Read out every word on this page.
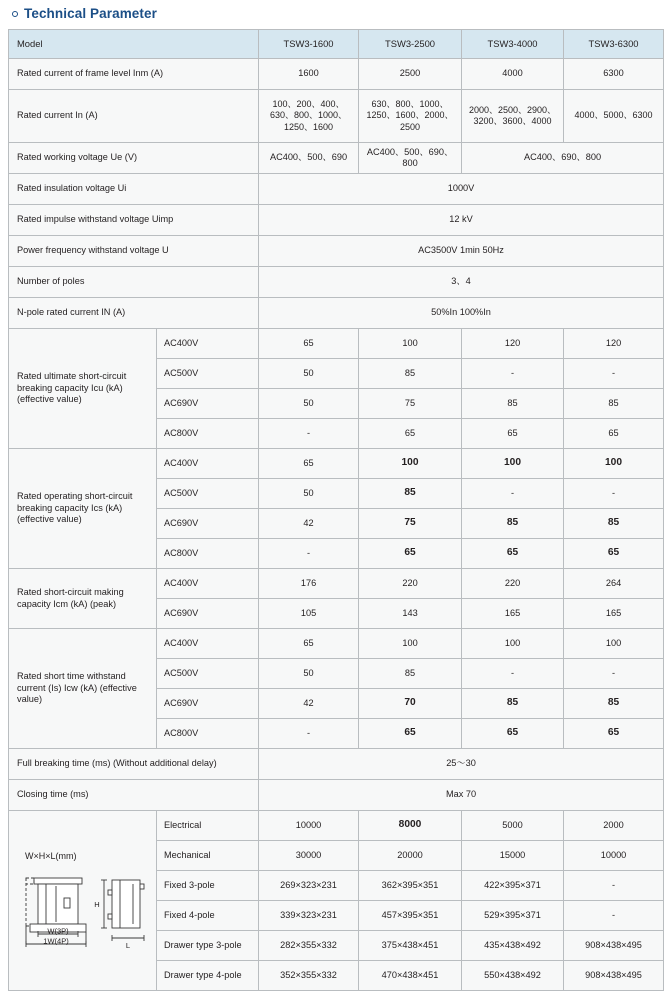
Technical Parameter
Model		TSW3-1600	TSW3-2500	TSW3-4000	TSW3-6300
Rated current of frame level Inm (A)		1600	2500	4000	6300
Rated current In (A)		100、200、400、630、800、1000、1250、1600	630、800、1000、1250、1600、2000、2500	2000、2500、2900、3200、3600、4000	4000、5000、6300
Rated working voltage Ue (V)		AC400、500、690	AC400、500、690、800	AC400、690、800	
Rated insulation voltage Ui		1000V			
Rated impulse withstand voltage Uimp		12 kV			
Power frequency withstand voltage U		AC3500V 1min 50Hz			
Number of poles		3、4			
N-pole rated current IN (A)		50%In 100%In			
Rated ultimate short-circuit breaking capacity Icu (kA) (effective value)	AC400V	65	100	120	120
	AC500V	50	85	-	-
	AC690V	50	75	85	85
	AC800V	-	65	65	65
Rated operating short-circuit breaking capacity Ics (kA) (effective value)	AC400V	65	100	100	100
	AC500V	50	85	-	-
	AC690V	42	75	85	85
	AC800V	-	65	65	65
Rated short-circuit making capacity Icm (kA) (peak)	AC400V	176	220	220	264
	AC690V	105	143	165	165
Rated short time withstand current (Is) Icw (kA) (effective value)	AC400V	65	100	100	100
	AC500V	50	85	-	-
	AC690V	42	70	85	85
	AC800V	-	65	65	65
Full breaking time (ms) (Without additional delay)		25～30			
Closing time (ms)		Max 70			

W×H×L(mm)
W(3P)
1W(4P)
H
L	Electrical	10000	8000	5000	2000
	Mechanical	30000	20000	15000	10000
	Fixed 3-pole	269×323×231	362×395×351	422×395×371	-
	Fixed 4-pole	339×323×231	457×395×351	529×395×371	-
	Drawer type 3-pole	282×355×332	375×438×451	435×438×492	908×438×495
	Drawer type 4-pole	352×355×332	470×438×451	550×438×492	908×438×495
